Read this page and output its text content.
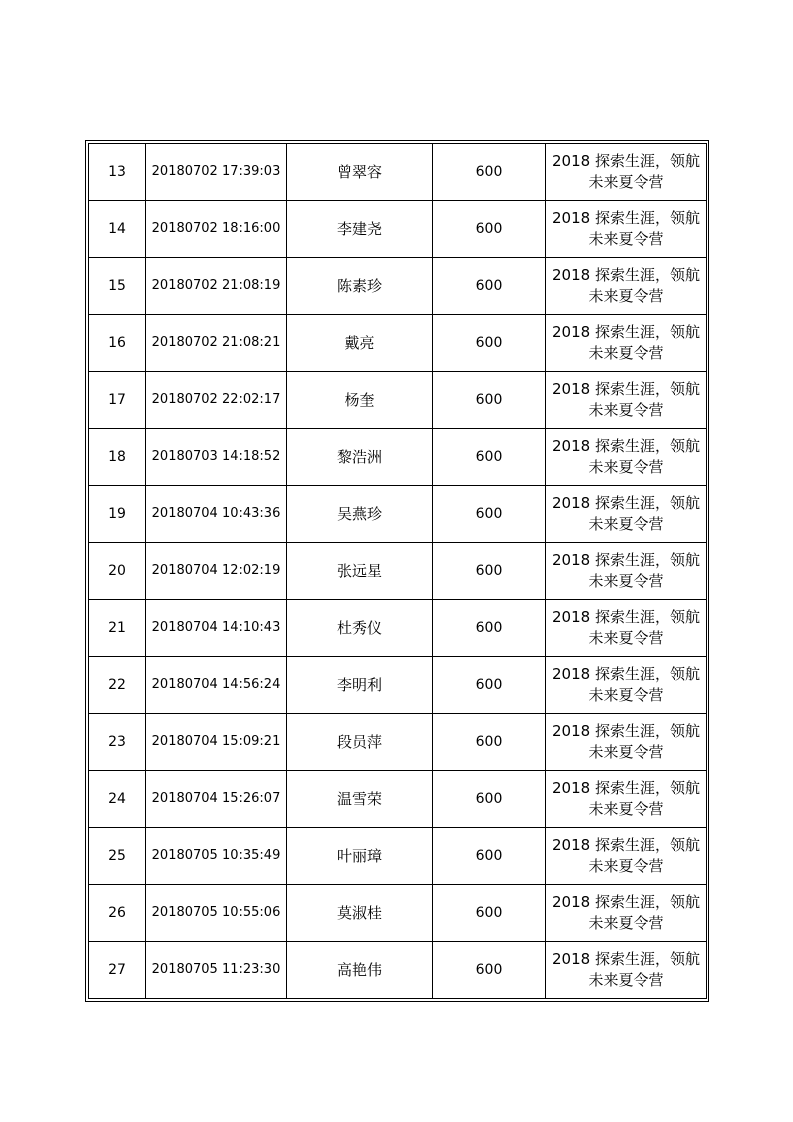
13	20180702 17:39:03	曾翠容	600	2018 探索生涯，领航未来夏令营
14	20180702 18:16:00	李建尧	600	2018 探索生涯，领航未来夏令营
15	20180702 21:08:19	陈素珍	600	2018 探索生涯，领航未来夏令营
16	20180702 21:08:21	戴亮	600	2018 探索生涯，领航未来夏令营
17	20180702 22:02:17	杨奎	600	2018 探索生涯，领航未来夏令营
18	20180703 14:18:52	黎浩洲	600	2018 探索生涯，领航未来夏令营
19	20180704 10:43:36	吴燕珍	600	2018 探索生涯，领航未来夏令营
20	20180704 12:02:19	张远星	600	2018 探索生涯，领航未来夏令营
21	20180704 14:10:43	杜秀仪	600	2018 探索生涯，领航未来夏令营
22	20180704 14:56:24	李明利	600	2018 探索生涯，领航未来夏令营
23	20180704 15:09:21	段员萍	600	2018 探索生涯，领航未来夏令营
24	20180704 15:26:07	温雪荣	600	2018 探索生涯，领航未来夏令营
25	20180705 10:35:49	叶丽璋	600	2018 探索生涯，领航未来夏令营
26	20180705 10:55:06	莫淑桂	600	2018 探索生涯，领航未来夏令营
27	20180705 11:23:30	高艳伟	600	2018 探索生涯，领航未来夏令营
